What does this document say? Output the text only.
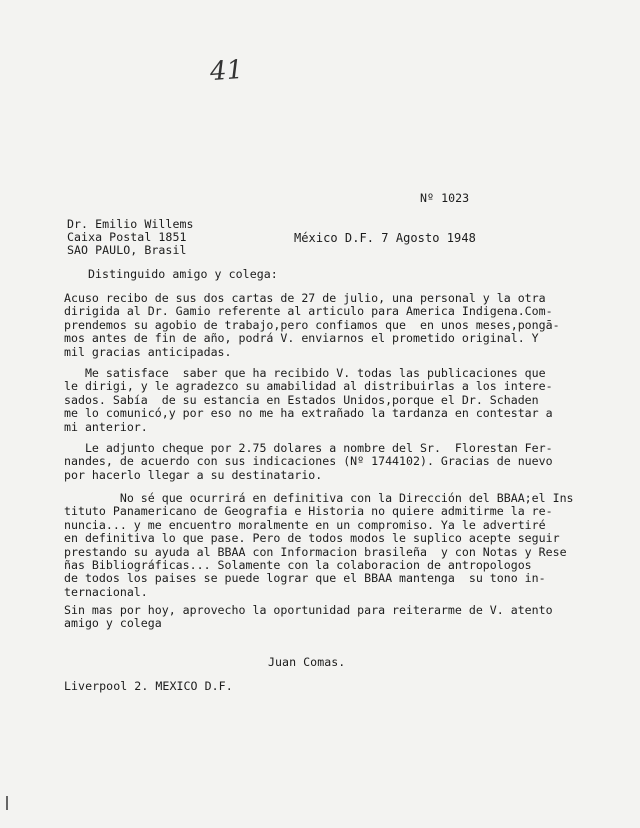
41
Nº 1023
Dr. Emilio Willems
Caixa Postal 1851
SAO PAULO, Brasil
México D.F. 7 Agosto 1948
Distinguido amigo y colega:
Acuso recibo de sus dos cartas de 27 de julio, una personal y la otra
dirigida al Dr. Gamio referente al articulo para America Indigena.Com-
prendemos su agobio de trabajo,pero confiamos que  en unos meses,pongā-
mos antes de fin de año, podrá V. enviarnos el prometido original. Y
mil gracias anticipadas.
Me satisface  saber que ha recibido V. todas las publicaciones que
le dirigi, y le agradezco su amabilidad al distribuirlas a los intere-
sados. Sabía  de su estancia en Estados Unidos,porque el Dr. Schaden
me lo comunicó,y por eso no me ha extrañado la tardanza en contestar a
mi anterior.
Le adjunto cheque por 2.75 dolares a nombre del Sr.  Florestan Fer-
nandes, de acuerdo con sus indicaciones (Nº 1744102). Gracias de nuevo
por hacerlo llegar a su destinatario.
No sé que ocurrirá en definitiva con la Dirección del BBAA;el Ins
tituto Panamericano de Geografia e Historia no quiere admitirme la re-
nuncia... y me encuentro moralmente en un compromiso. Ya le advertiré
en definitiva lo que pase. Pero de todos modos le suplico acepte seguir
prestando su ayuda al BBAA con Informacion brasileña  y con Notas y Rese
ñas Bibliográficas... Solamente con la colaboracion de antropologos
de todos los paises se puede lograr que el BBAA mantenga  su tono in-
ternacional.
Sin mas por hoy, aprovecho la oportunidad para reiterarme de V. atento
amigo y colega
Juan Comas.
Liverpool 2. MEXICO D.F.
